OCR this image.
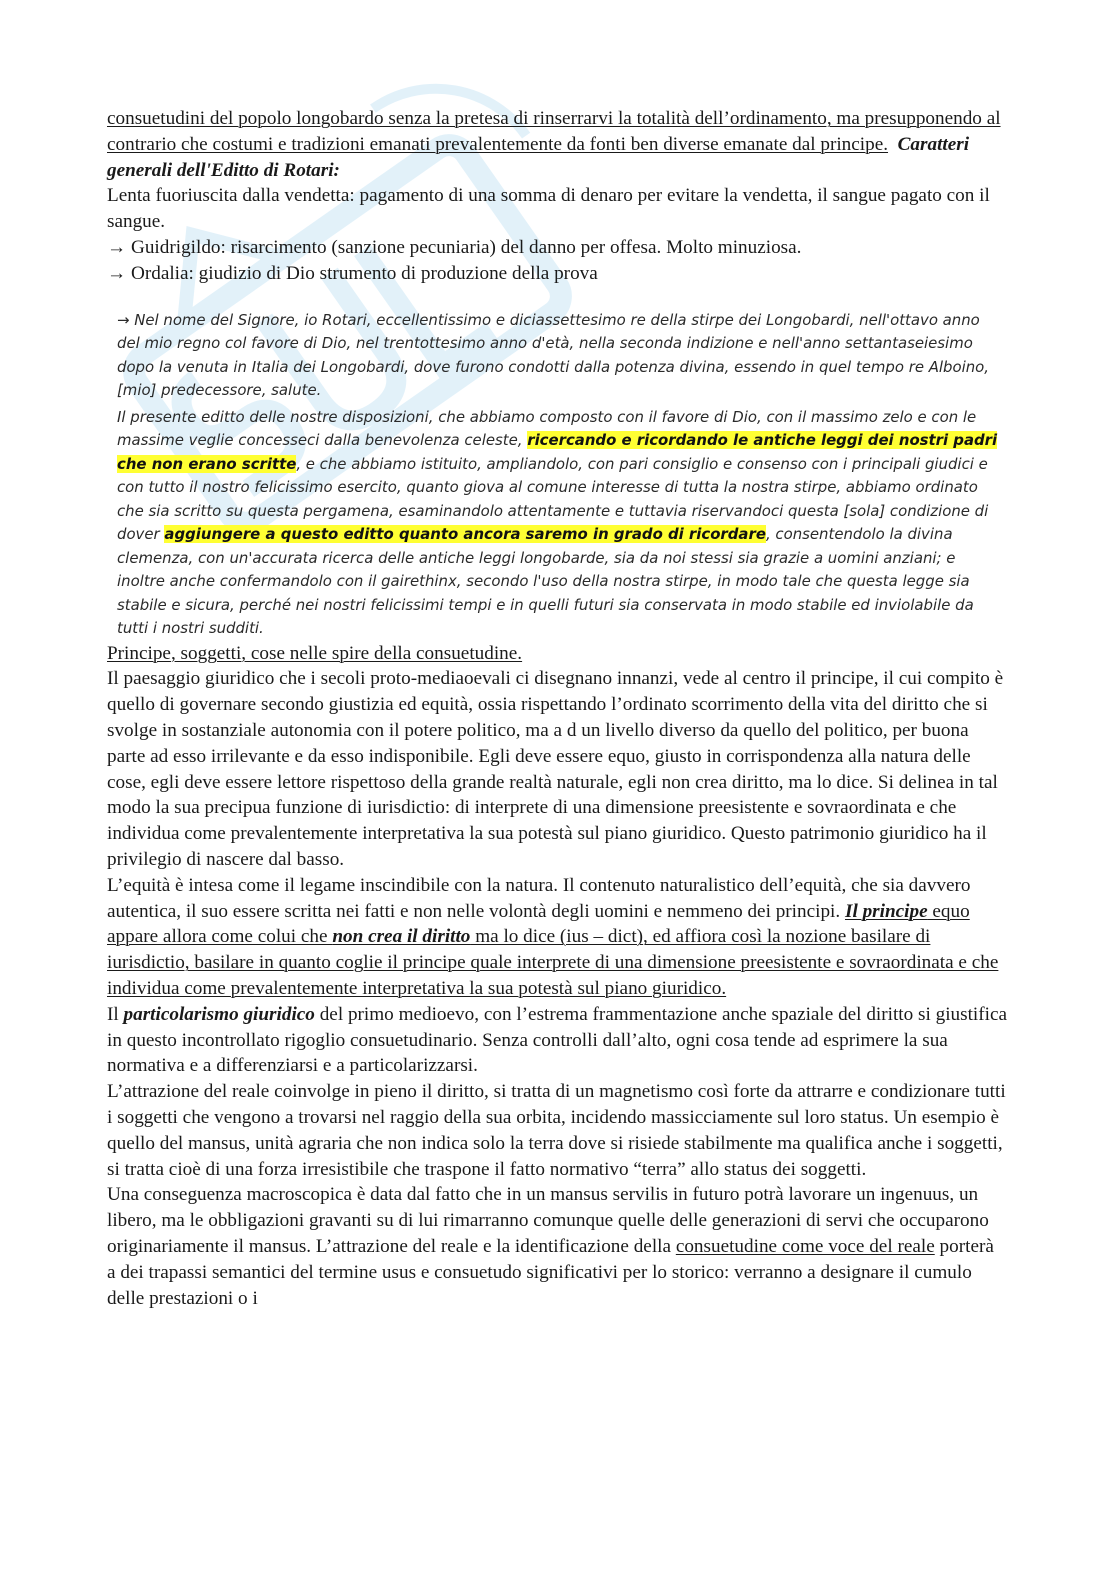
consuetudini del popolo longobardo senza la pretesa di rinserrarvi la totalità dell’ordinamento, ma presupponendo al contrario che costumi e tradizioni emanati prevalentemente da fonti ben diverse emanate dal principe. Caratteri generali dell'Editto di Rotari:

Lenta fuoriuscita dalla vendetta: pagamento di una somma di denaro per evitare la vendetta, il sangue pagato con il sangue.

→ Guidrigildo: risarcimento (sanzione pecuniaria) del danno per offesa. Molto minuziosa.

→ Ordalia: giudizio di Dio strumento di produzione della prova

→ Nel nome del Signore, io Rotari, eccellentissimo e diciassettesimo re della stirpe dei Longobardi, nell'ottavo anno del mio regno col favore di Dio, nel trentottesimo anno d'età, nella seconda indizione e nell'anno settantaseiesimo dopo la venuta in Italia dei Longobardi, dove furono condotti dalla potenza divina, essendo in quel tempo re Alboino, [mio] predecessore, salute.

Il presente editto delle nostre disposizioni, che abbiamo composto con il favore di Dio, con il massimo zelo e con le massime veglie concesseci dalla benevolenza celeste, ricercando e ricordando le antiche leggi dei nostri padri che non erano scritte, e che abbiamo istituito, ampliandolo, con pari consiglio e consenso con i principali giudici e con tutto il nostro felicissimo esercito, quanto giova al comune interesse di tutta la nostra stirpe, abbiamo ordinato che sia scritto su questa pergamena, esaminandolo attentamente e tuttavia riservandoci questa [sola] condizione di dover aggiungere a questo editto quanto ancora saremo in grado di ricordare, consentendolo la divina clemenza, con un'accurata ricerca delle antiche leggi longobarde, sia da noi stessi sia grazie a uomini anziani; e inoltre anche confermandolo con il gairethinx, secondo l'uso della nostra stirpe, in modo tale che questa legge sia stabile e sicura, perché nei nostri felicissimi tempi e in quelli futuri sia conservata in modo stabile ed inviolabile da tutti i nostri sudditi.

Principe, soggetti, cose nelle spire della consuetudine.

Il paesaggio giuridico che i secoli proto-mediaoevali ci disegnano innanzi, vede al centro il principe, il cui compito è quello di governare secondo giustizia ed equità, ossia rispettando l’ordinato scorrimento della vita del diritto che si svolge in sostanziale autonomia con il potere politico, ma a d un livello diverso da quello del politico, per buona parte ad esso irrilevante e da esso indisponibile. Egli deve essere equo, giusto in corrispondenza alla natura delle cose, egli deve essere lettore rispettoso della grande realtà naturale, egli non crea diritto, ma lo dice. Si delinea in tal modo la sua precipua funzione di iurisdictio: di interprete di una dimensione preesistente e sovraordinata e che individua come prevalentemente interpretativa la sua potestà sul piano giuridico. Questo patrimonio giuridico ha il privilegio di nascere dal basso.

L’equità è intesa come il legame inscindibile con la natura. Il contenuto naturalistico dell’equità, che sia davvero autentica, il suo essere scritta nei fatti e non nelle volontà degli uomini e nemmeno dei principi. Il principe equo appare allora come colui che non crea il diritto ma lo dice (ius – dict), ed affiora così la nozione basilare di iurisdictio, basilare in quanto coglie il principe quale interprete di una dimensione preesistente e sovraordinata e che individua come prevalentemente interpretativa la sua potestà sul piano giuridico.

Il particolarismo giuridico del primo medioevo, con l’estrema frammentazione anche spaziale del diritto si giustifica in questo incontrollato rigoglio consuetudinario. Senza controlli dall’alto, ogni cosa tende ad esprimere la sua normativa e a differenziarsi e a particolarizzarsi.

L’attrazione del reale coinvolge in pieno il diritto, si tratta di un magnetismo così forte da attrarre e condizionare tutti i soggetti che vengono a trovarsi nel raggio della sua orbita, incidendo massicciamente sul loro status. Un esempio è quello del mansus, unità agraria che non indica solo la terra dove si risiede stabilmente ma qualifica anche i soggetti, si tratta cioè di una forza irresistibile che traspone il fatto normativo “terra” allo status dei soggetti.

Una conseguenza macroscopica è data dal fatto che in un mansus servilis in futuro potrà lavorare un ingenuus, un libero, ma le obbligazioni gravanti su di lui rimarranno comunque quelle delle generazioni di servi che occuparono originariamente il mansus. L’attrazione del reale e la identificazione della consuetudine come voce del reale porterà a dei trapassi semantici del termine usus e consuetudo significativi per lo storico: verranno a designare il cumulo delle prestazioni o i
